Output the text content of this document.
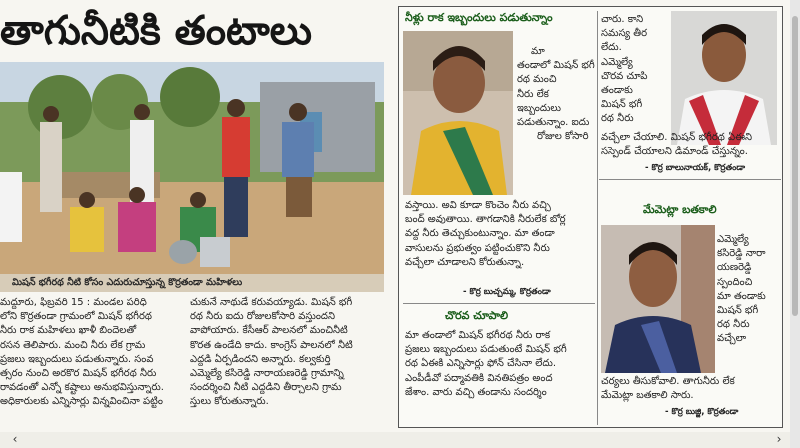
తాగునీటికి తంటాలు
మిషన్ భగీరథ నీటి కోసం ఎదురుచూస్తున్న కొర్రతండా మహిళలు

మద్దూరు, ఫిబ్రవరి 15 : మండల పరిధి

లోని కొర్రతండా గ్రామంలో మిషన్ భగీరథ

నీరు రాక మహిళలు ఖాళీ బిందెలతో

రసన తెలిపారు. మంచి నీరు లేక గ్రామ

ప్రజలు ఇబ్బందులు పడుతున్నారు. సంవ

త్సరం నుంచి అరకొర మిషన్ భగీరథ నీరు

రావడంతో ఎన్నో కష్టాలు అనుభవిస్తున్నారు.

అధికారులకు ఎన్నిసార్లు విన్నవించినా పట్టిం

చుకునే నాథుడే కరువయ్యాడు. మిషన్ భగీ

రథ నీరు ఐదు రోజులకోసారి వస్తుందని

వాపోయారు. కేసీఆర్ పాలనలో మంచినీటి

కొరత ఉండేది కాదు. కాంగ్రెస్ పాలనలో నీటి

ఎద్దడి ఏర్పడిందని అన్నారు. కల్వకుర్తి

ఎమ్మెల్యే కసిరెడ్డి నారాయణరెడ్డి గ్రామాన్ని

సందర్శించి నీటి ఎద్దడిని తీర్చాలని గ్రామ

స్తులు కోరుతున్నారు.

నీళ్లు రాక ఇబ్బందులు పడుతున్నాం

మా

తండాలో మిషన్ భగీ

రథ మంచి

నీరు లేక

ఇబ్బందులు

పడుతున్నాం. ఐదు

రోజుల కోసారి

వస్తాయి. అవి కూడా కొంచెం నీరు వచ్చి

బంద్ అవుతాయి. తాగడానికి నీరులేక బోర్ల

వద్ద నీరు తెచ్చుకుంటున్నాం. మా తండా

వాసులను ప్రభుత్వం పట్టించుకొని నీరు

వచ్చేలా చూడాలని కోరుతున్నా.

- కొర్ర బుచ్చమ్మ, కొర్రతండా
చొరవ చూపాలి

మా తండాలో మిషన్ భగీరథ నీరు రాక

ప్రజలు ఇబ్బందులు పడుతుంటే మిషన్ భగీ

రథ ఏఈకి ఎన్నిసార్లు ఫోన్ చేసినా లేదు.

ఎంపీడీవో పద్మావతికి వినతిపత్రం అంద

జేశాం. వారు వచ్చి తండాను సందర్శిం

చారు. కాని

సమస్య తీర

లేదు.

ఎమ్మెల్యే

చొరవ చూపి

తండాకు

మిషన్ భగీ

రథ నీరు

వచ్చేలా చేయాలి. మిషన్ భగీరథ ఏఈని

సస్పెండ్ చేయాలని డిమాండ్ చేస్తున్నం.

- కొర్ర బాలునాయక్, కొర్రతండా
మేమెట్లా బతకాలి

ఎమ్మెల్యే

కసిరెడ్డి నారా

యణరెడ్డి

స్పందించి

మా తండాకు

మిషన్ భగీ

రథ నీరు

వచ్చేలా

చర్యలు తీసుకోవాలి. తాగునీరు లేక

మేమెట్లా బతకాలి సారు.

- కొర్ర బుజ్జి, కొర్రతండా
‹	›
